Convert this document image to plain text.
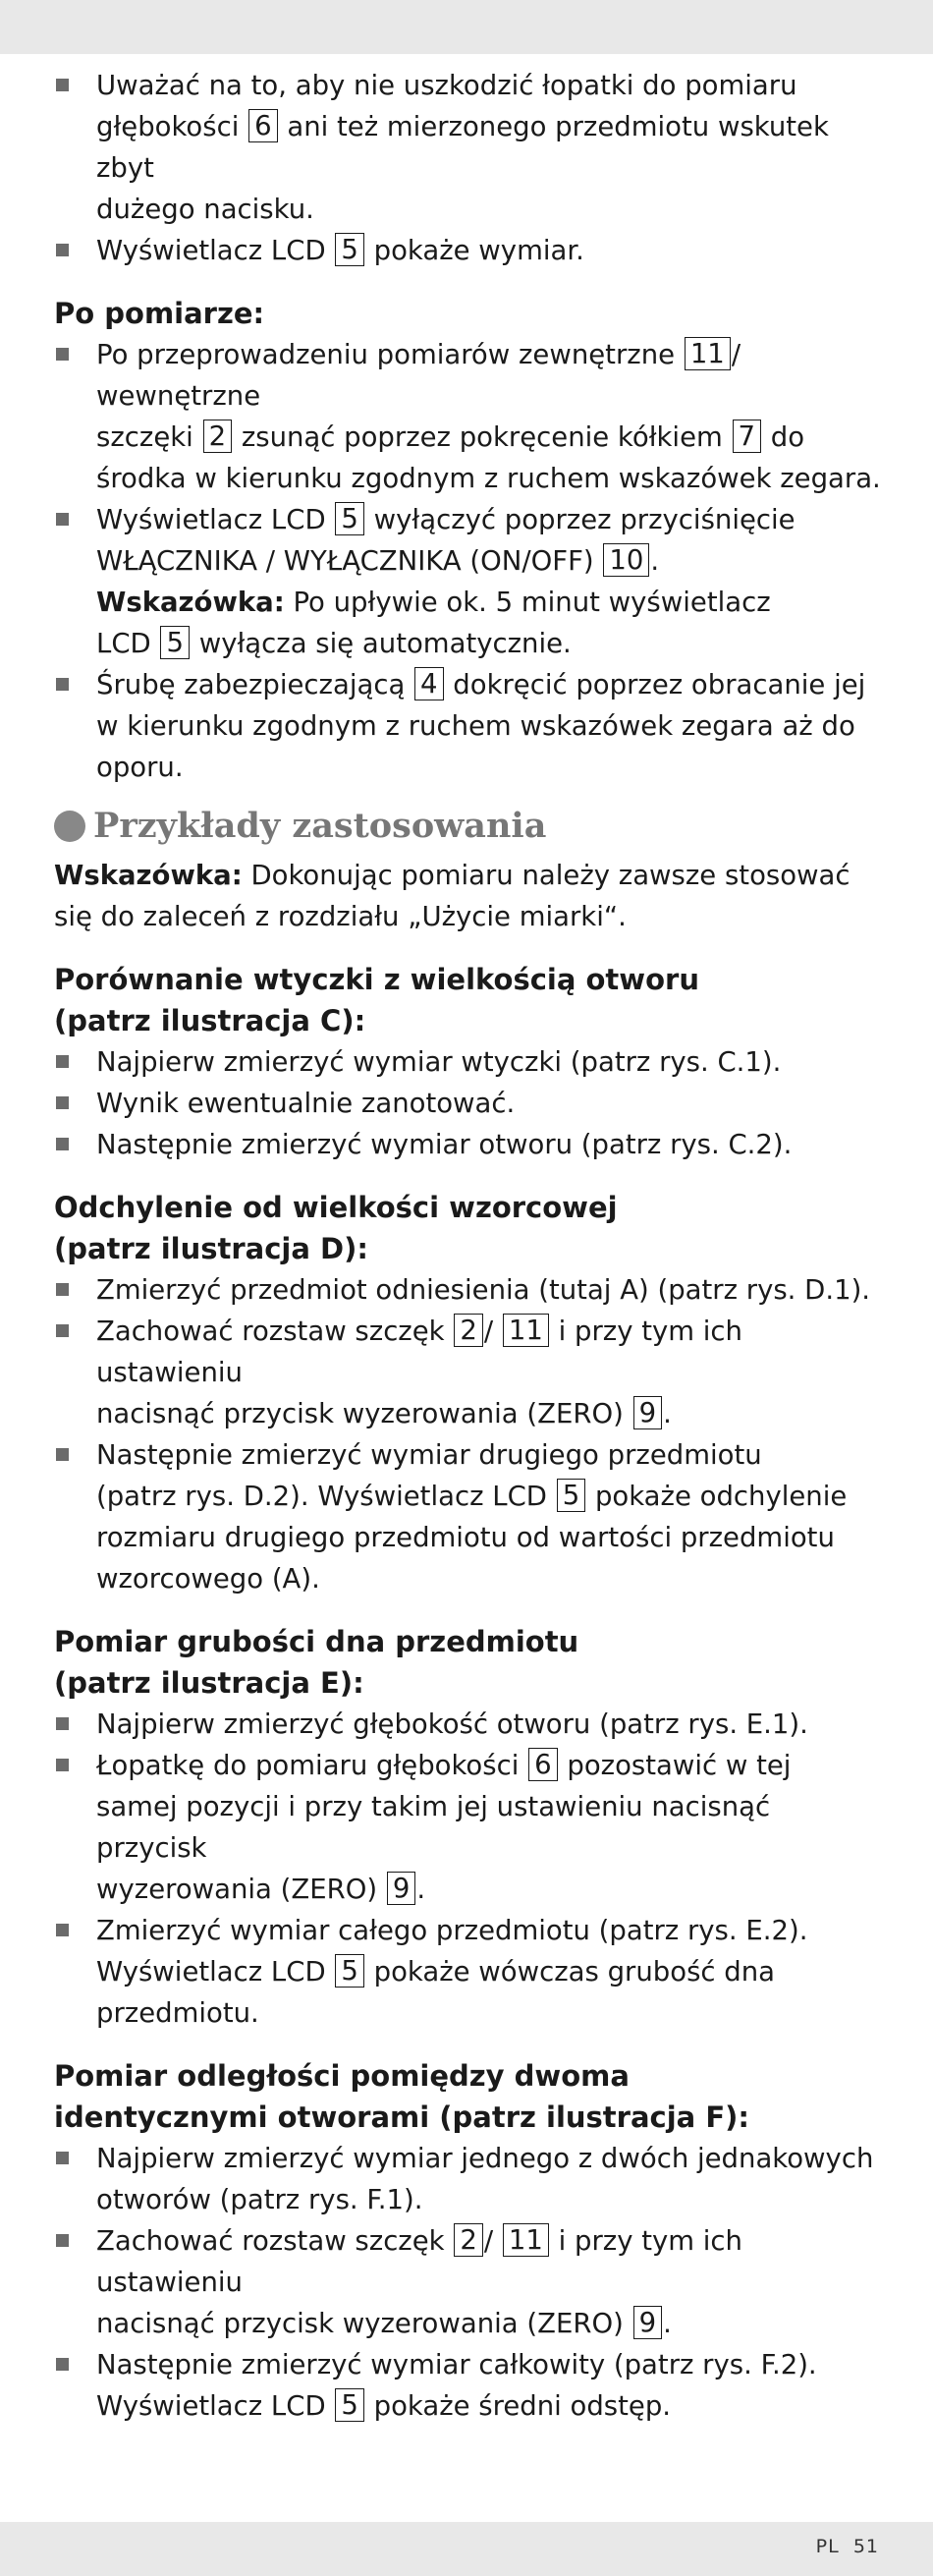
Uważać na to, aby nie uszkodzić łopatki do pomiaru
głębokości 6 ani też mierzonego przedmiotu wskutek zbyt
dużego nacisku.
Wyświetlacz LCD 5 pokaże wymiar.
Po pomiarze:
Po przeprowadzeniu pomiarów zewnętrzne 11 / wewnętrzne
szczęki 2 zsunąć poprzez pokręcenie kółkiem 7 do
środka w kierunku zgodnym z ruchem wskazówek zegara.
Wyświetlacz LCD 5 wyłączyć poprzez przyciśnięcie
WŁĄCZNIKA / WYŁĄCZNIKA (ON/OFF) 10 .
Wskazówka: Po upływie ok. 5 minut wyświetlacz
LCD 5 wyłącza się automatycznie.
Śrubę zabezpieczającą 4 dokręcić poprzez obracanie jej
w kierunku zgodnym z ruchem wskazówek zegara aż do
oporu.
Przykłady zastosowania
Wskazówka: Dokonując pomiaru należy zawsze stosować
się do zaleceń z rozdziału „Użycie miarki“.
Porównanie wtyczki z wielkością otworu
(patrz ilustracja C):
Najpierw zmierzyć wymiar wtyczki (patrz rys. C.1).
Wynik ewentualnie zanotować.
Następnie zmierzyć wymiar otworu (patrz rys. C.2).
Odchylenie od wielkości wzorcowej
(patrz ilustracja D):
Zmierzyć przedmiot odniesienia (tutaj A) (patrz rys. D.1).
Zachować rozstaw szczęk 2 / 11 i przy tym ich ustawieniu
nacisnąć przycisk wyzerowania (ZERO) 9 .
Następnie zmierzyć wymiar drugiego przedmiotu
(patrz rys. D.2). Wyświetlacz LCD 5 pokaże odchylenie
rozmiaru drugiego przedmiotu od wartości przedmiotu
wzorcowego (A).
Pomiar grubości dna przedmiotu
(patrz ilustracja E):
Najpierw zmierzyć głębokość otworu (patrz rys. E.1).
Łopatkę do pomiaru głębokości 6 pozostawić w tej
samej pozycji i przy takim jej ustawieniu nacisnąć przycisk
wyzerowania (ZERO) 9 .
Zmierzyć wymiar całego przedmiotu (patrz rys. E.2).
Wyświetlacz LCD 5 pokaże wówczas grubość dna
przedmiotu.
Pomiar odległości pomiędzy dwoma
identycznymi otworami (patrz ilustracja F):
Najpierw zmierzyć wymiar jednego z dwóch jednakowych
otworów (patrz rys. F.1).
Zachować rozstaw szczęk 2 / 11 i przy tym ich ustawieniu
nacisnąć przycisk wyzerowania (ZERO) 9 .
Następnie zmierzyć wymiar całkowity (patrz rys. F.2).
Wyświetlacz LCD 5 pokaże średni odstęp.
PL 51
